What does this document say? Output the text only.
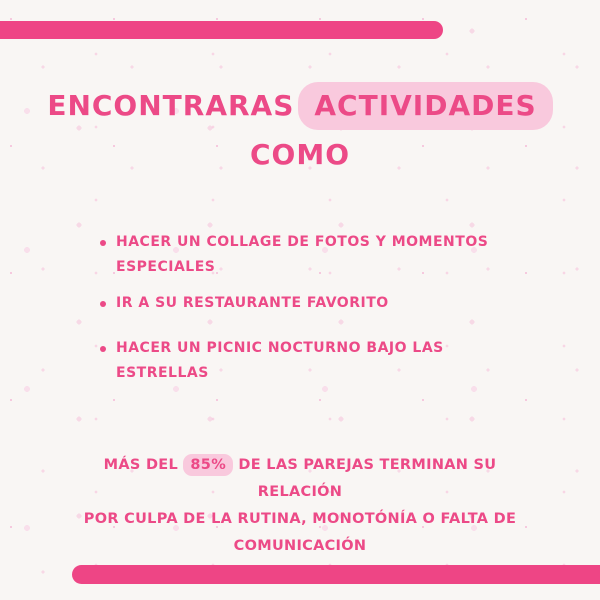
ENCONTRARAS ACTIVIDADES
COMO
HACER UN COLLAGE DE FOTOS Y MOMENTOS ESPECIALES
IR A SU RESTAURANTE FAVORITO
HACER UN PICNIC NOCTURNO BAJO LAS ESTRELLAS
MÁS DEL 85% DE LAS PAREJAS TERMINAN SU RELACIÓN
POR CULPA DE LA RUTINA, MONOTÓNÍA O FALTA DE
COMUNICACIÓN
